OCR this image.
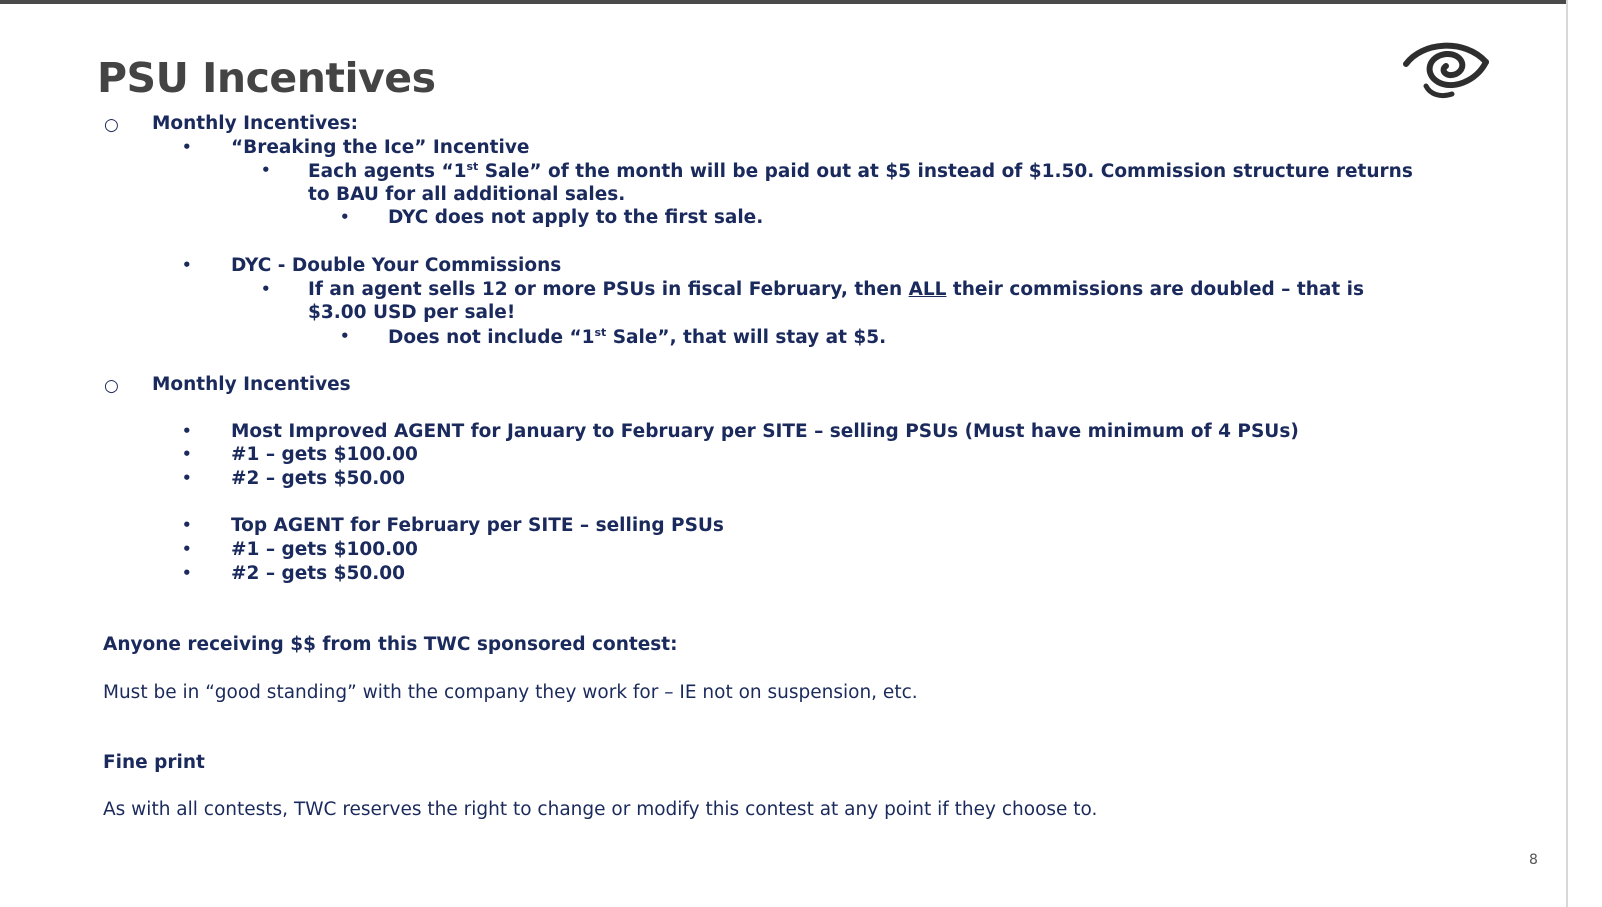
PSU Incentives
○ Monthly Incentives:
• “Breaking the Ice” Incentive
• Each agents “1st Sale” of the month will be paid out at $5 instead of $1.50. Commission structure returns
to BAU for all additional sales.
• DYC does not apply to the first sale.
• DYC - Double Your Commissions
• If an agent sells 12 or more PSUs in fiscal February, then ALL their commissions are doubled – that is
$3.00 USD per sale!
• Does not include “1st Sale”, that will stay at $5.
○ Monthly Incentives
• Most Improved AGENT for January to February per SITE – selling PSUs (Must have minimum of 4 PSUs)
• #1 – gets $100.00
• #2 – gets $50.00
• Top AGENT for February per SITE – selling PSUs
• #1 – gets $100.00
• #2 – gets $50.00
Anyone receiving $$ from this TWC sponsored contest:
Must be in “good standing” with the company they work for – IE not on suspension, etc.
Fine print
As with all contests, TWC reserves the right to change or modify this contest at any point if they choose to.
8
